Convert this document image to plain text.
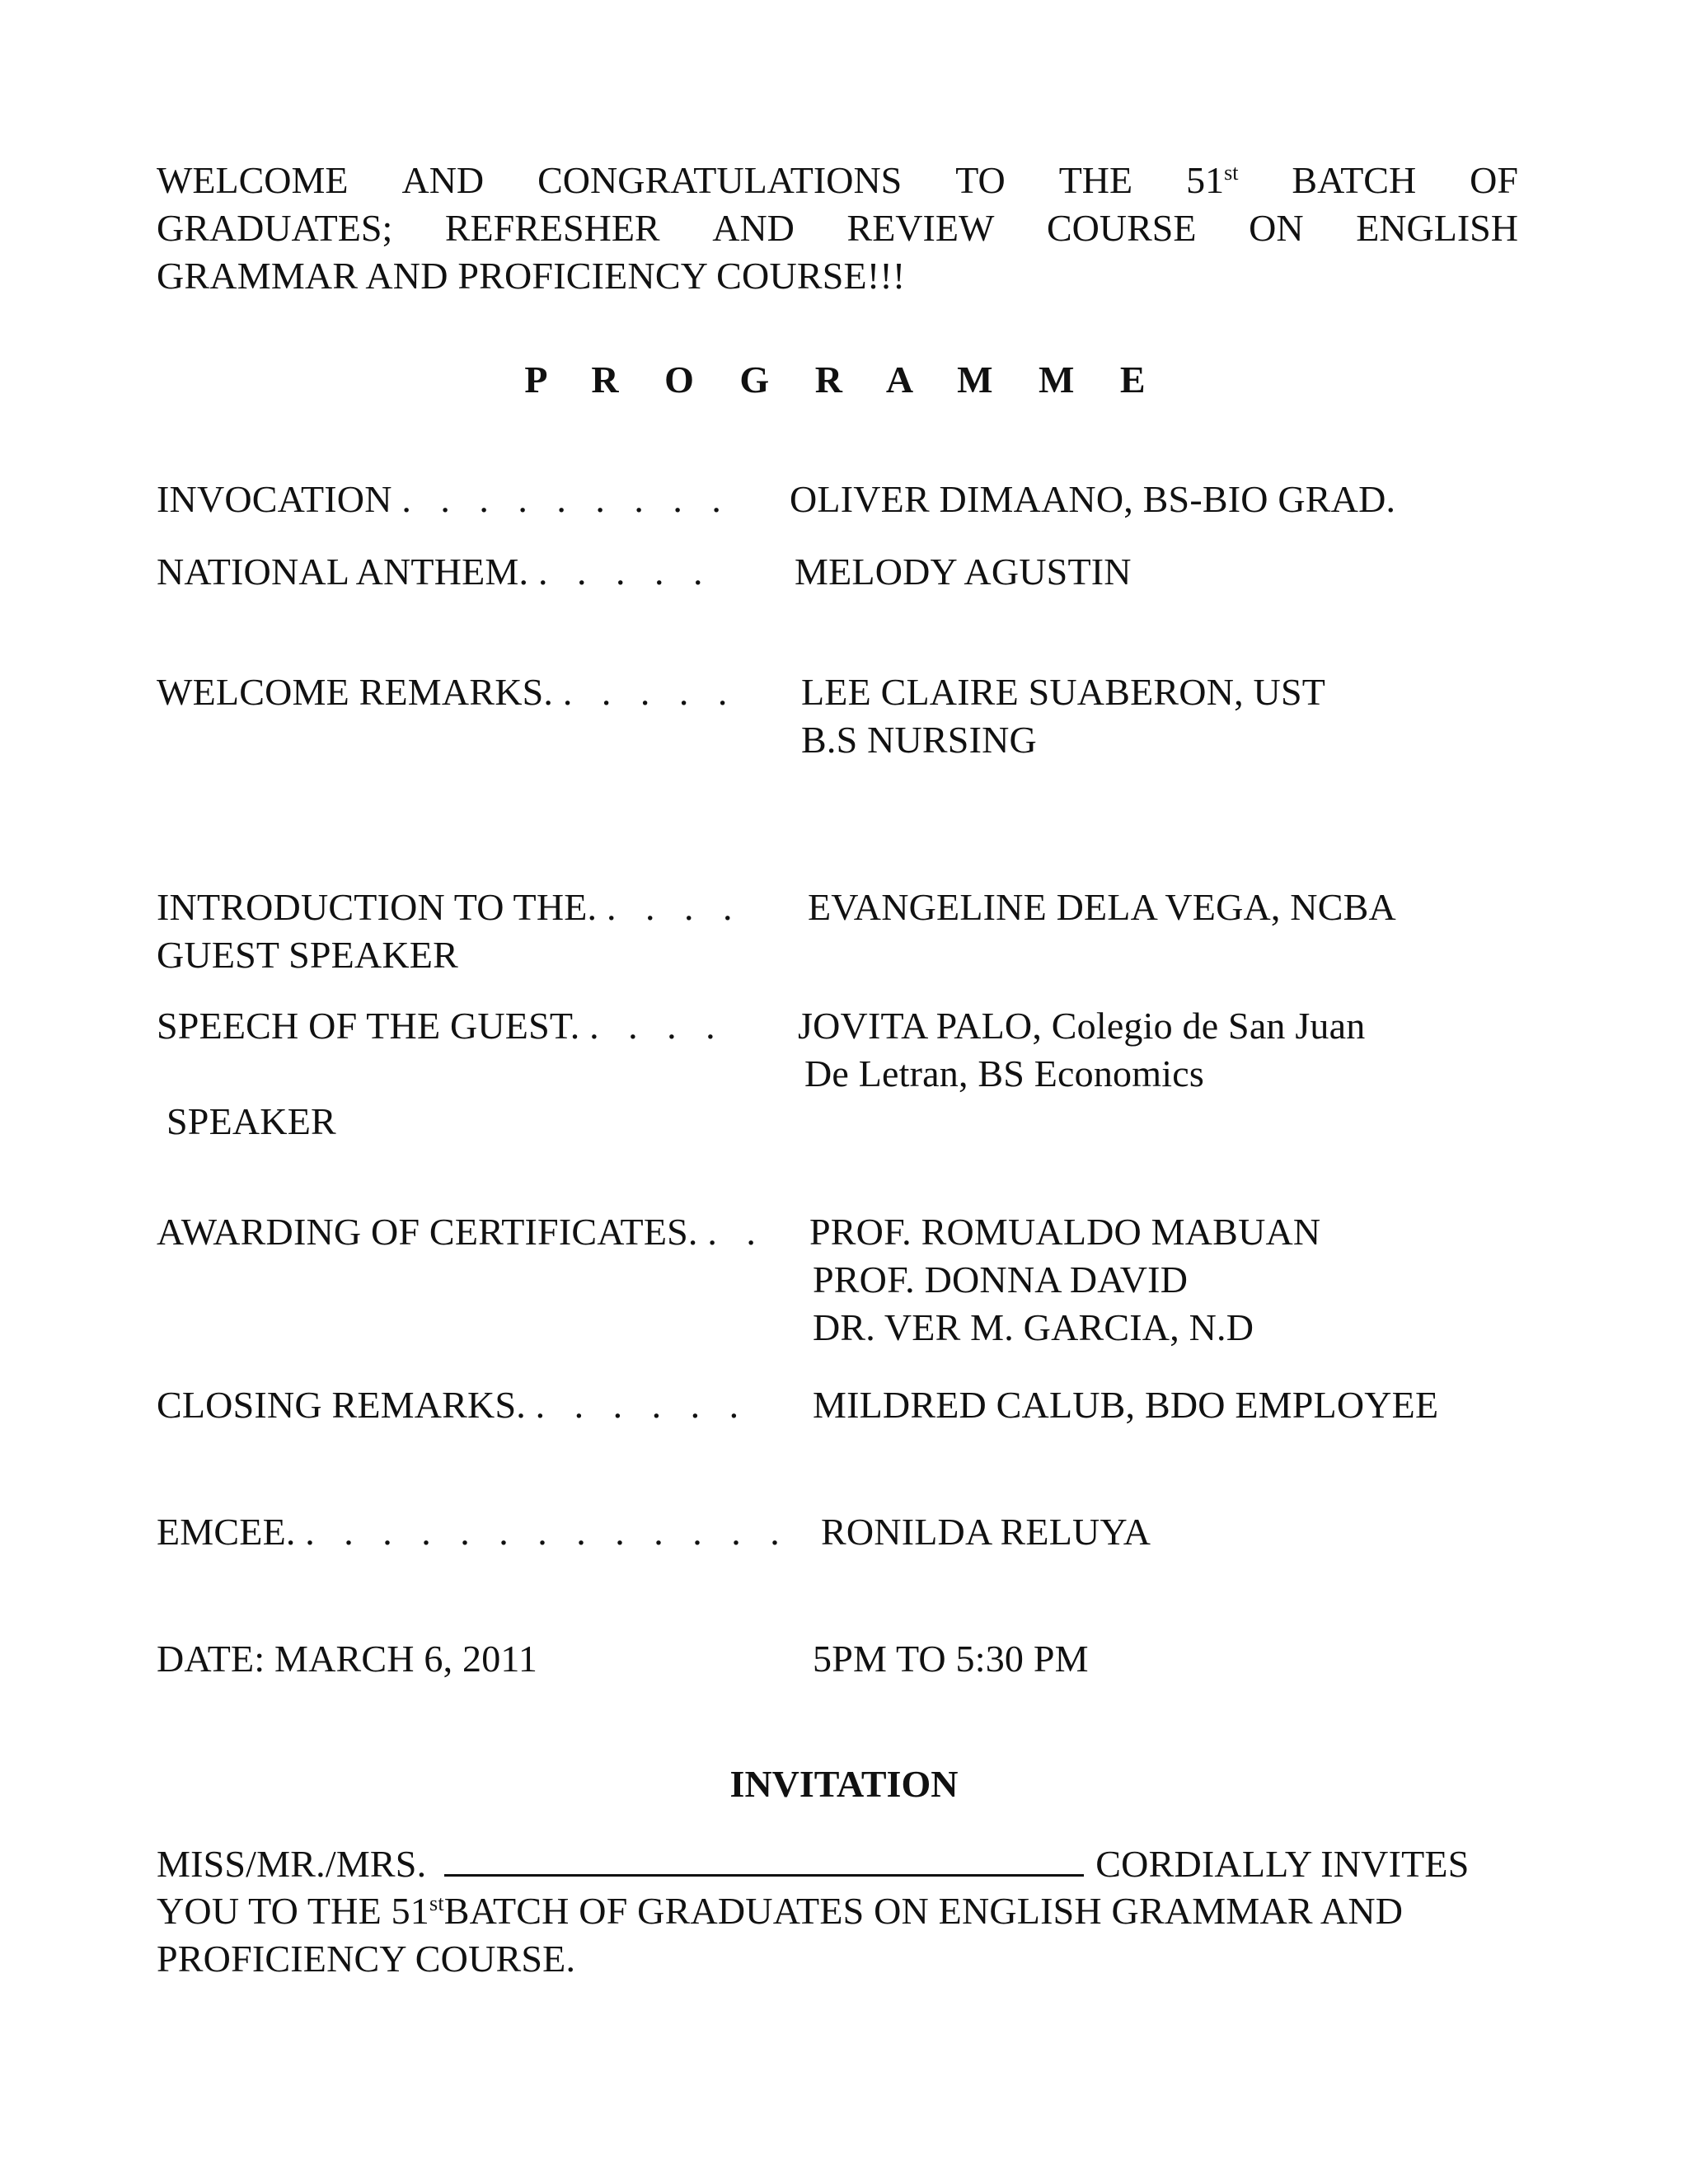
WELCOME AND CONGRATULATIONS TO THE 51st BATCH OF
GRADUATES; REFRESHER AND REVIEW COURSE ON ENGLISH
GRAMMAR AND PROFICIENCY COURSE!!!
P R O G R A M M E
INVOCATION . . . . . . . . . OLIVER DIMAANO, BS-BIO GRAD.
NATIONAL ANTHEM. . . . . . MELODY AGUSTIN
WELCOME REMARKS. . . . . . LEE CLAIRE SUABERON, UST
B.S NURSING
INTRODUCTION TO THE. . . . . EVANGELINE DELA VEGA, NCBA
GUEST SPEAKER
SPEECH OF THE GUEST. . . . . JOVITA PALO, Colegio de San Juan
De Letran, BS Economics
SPEAKER
AWARDING OF CERTIFICATES. . . PROF. ROMUALDO MABUAN
PROF. DONNA DAVID
DR. VER M. GARCIA, N.D
CLOSING REMARKS. . . . . . . MILDRED CALUB, BDO EMPLOYEE
EMCEE. . . . . . . . . . . . . . RONILDA RELUYA
DATE: MARCH 6, 2011	5PM TO 5:30 PM
INVITATION
MISS/MR./MRS.	CORDIALLY INVITES
YOU TO THE 51stBATCH OF GRADUATES ON ENGLISH GRAMMAR AND
PROFICIENCY COURSE.
